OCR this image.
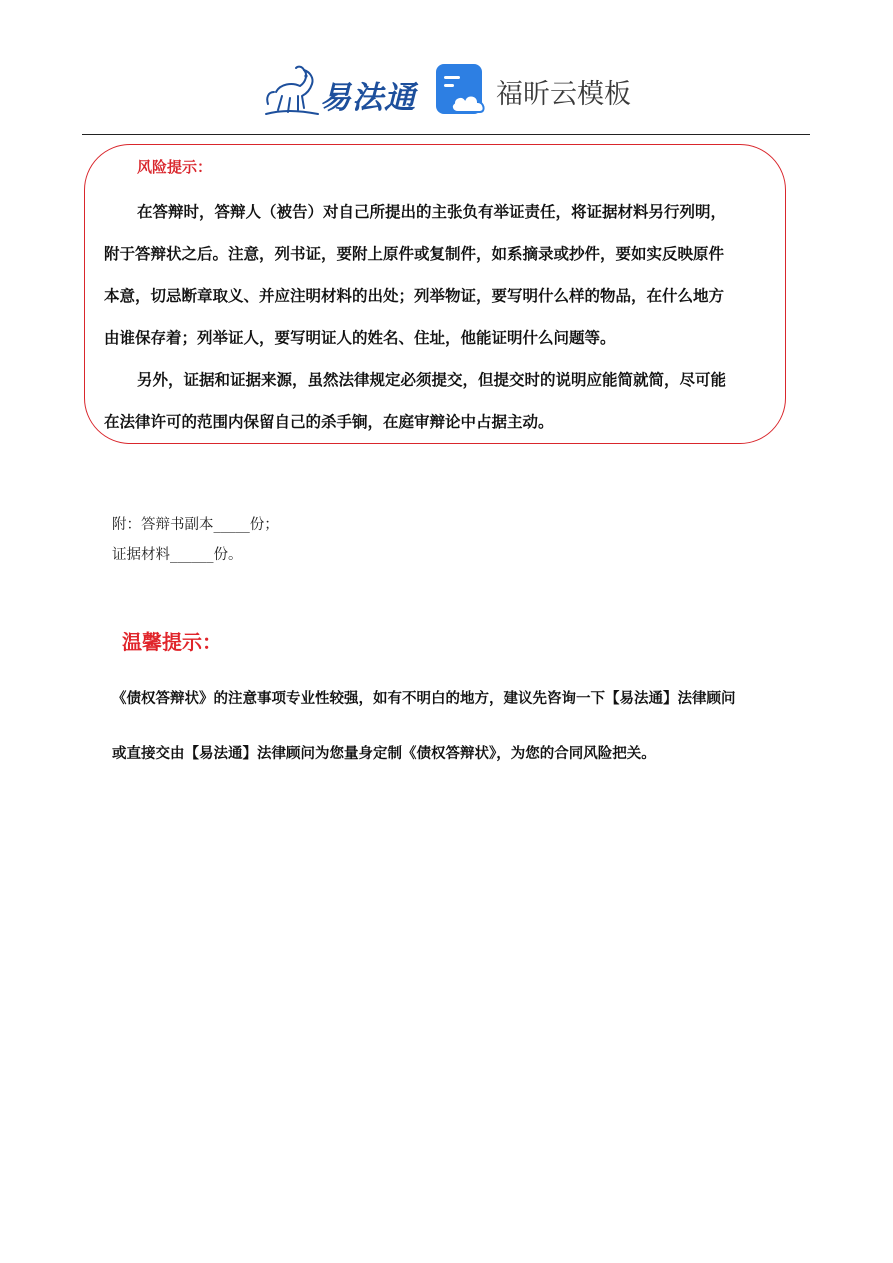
易法通	福昕云模板
风险提示：
在答辩时，答辩人（被告）对自己所提出的主张负有举证责任，将证据材料另行列明，
附于答辩状之后。注意，列书证，要附上原件或复制件，如系摘录或抄件，要如实反映原件
本意，切忌断章取义、并应注明材料的出处；列举物证，要写明什么样的物品，在什么地方
由谁保存着；列举证人，要写明证人的姓名、住址，他能证明什么问题等。
另外，证据和证据来源，虽然法律规定必须提交，但提交时的说明应能简就简，尽可能
在法律许可的范围内保留自己的杀手锏，在庭审辩论中占据主动。
附：答辩书副本_____份；
证据材料______份。
温馨提示：
《债权答辩状》的注意事项专业性较强，如有不明白的地方，建议先咨询一下【易法通】法律顾问
或直接交由【易法通】法律顾问为您量身定制《债权答辩状》，为您的合同风险把关。
